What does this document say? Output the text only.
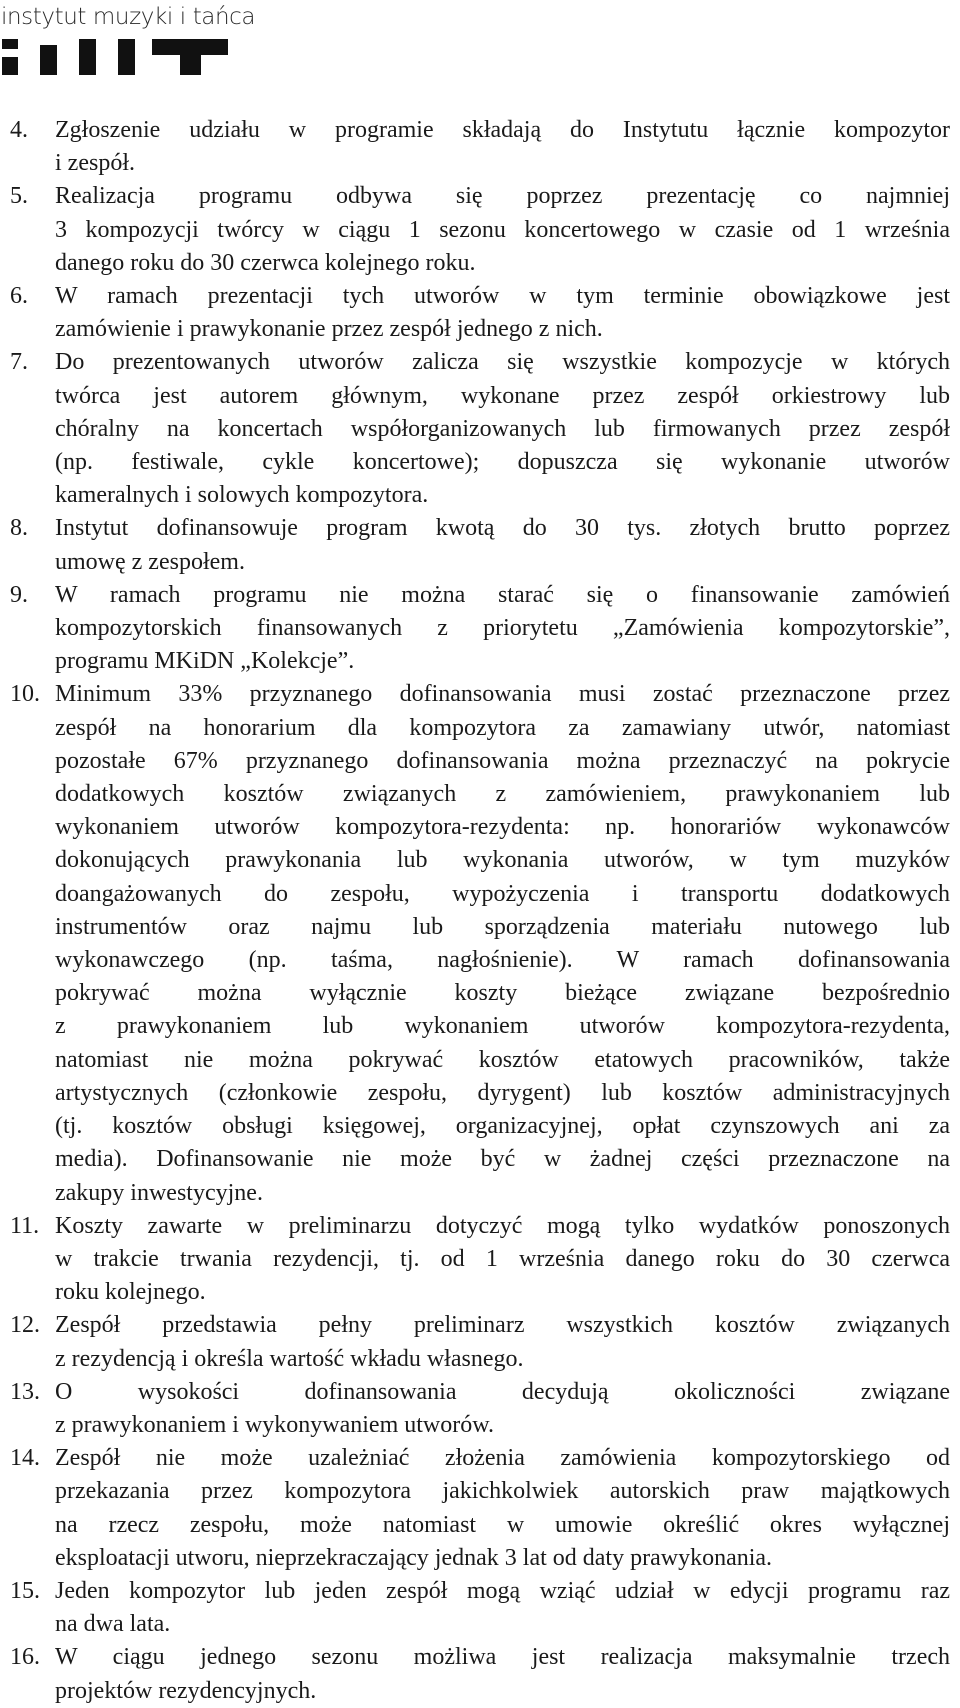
instytut muzyki i tańca
4. Zgłoszenie udziału w programie składają do Instytutu łącznie kompozytor
i zespół.
5. Realizacja programu odbywa się poprzez prezentację co najmniej
3 kompozycji twórcy w ciągu 1 sezonu koncertowego w czasie od 1 września
danego roku do 30 czerwca kolejnego roku.
6. W ramach prezentacji tych utworów w tym terminie obowiązkowe jest
zamówienie i prawykonanie przez zespół jednego z nich.
7. Do prezentowanych utworów zalicza się wszystkie kompozycje w których
twórca jest autorem głównym, wykonane przez zespół orkiestrowy lub
chóralny na koncertach współorganizowanych lub firmowanych przez zespół
(np. festiwale, cykle koncertowe); dopuszcza się wykonanie utworów
kameralnych i solowych kompozytora.
8. Instytut dofinansowuje program kwotą do 30 tys. złotych brutto poprzez
umowę z zespołem.
9. W ramach programu nie można starać się o finansowanie zamówień
kompozytorskich finansowanych z priorytetu „Zamówienia kompozytorskie”,
programu MKiDN „Kolekcje”.
10. Minimum 33% przyznanego dofinansowania musi zostać przeznaczone przez
zespół na honorarium dla kompozytora za zamawiany utwór, natomiast
pozostałe 67% przyznanego dofinansowania można przeznaczyć na pokrycie
dodatkowych kosztów związanych z zamówieniem, prawykonaniem lub
wykonaniem utworów kompozytora-rezydenta: np. honorariów wykonawców
dokonujących prawykonania lub wykonania utworów, w tym muzyków
doangażowanych do zespołu, wypożyczenia i transportu dodatkowych
instrumentów oraz najmu lub sporządzenia materiału nutowego lub
wykonawczego (np. taśma, nagłośnienie). W ramach dofinansowania
pokrywać można wyłącznie koszty bieżące związane bezpośrednio
z prawykonaniem lub wykonaniem utworów kompozytora-rezydenta,
natomiast nie można pokrywać kosztów etatowych pracowników, także
artystycznych (członkowie zespołu, dyrygent) lub kosztów administracyjnych
(tj. kosztów obsługi księgowej, organizacyjnej, opłat czynszowych ani za
media). Dofinansowanie nie może być w żadnej części przeznaczone na
zakupy inwestycyjne.
11. Koszty zawarte w preliminarzu dotyczyć mogą tylko wydatków ponoszonych
w trakcie trwania rezydencji, tj. od 1 września danego roku do 30 czerwca
roku kolejnego.
12. Zespół przedstawia pełny preliminarz wszystkich kosztów związanych
z rezydencją i określa wartość wkładu własnego.
13. O wysokości dofinansowania decydują okoliczności związane
z prawykonaniem i wykonywaniem utworów.
14. Zespół nie może uzależniać złożenia zamówienia kompozytorskiego od
przekazania przez kompozytora jakichkolwiek autorskich praw majątkowych
na rzecz zespołu, może natomiast w umowie określić okres wyłącznej
eksploatacji utworu, nieprzekraczający jednak 3 lat od daty prawykonania.
15. Jeden kompozytor lub jeden zespół mogą wziąć udział w edycji programu raz
na dwa lata.
16. W ciągu jednego sezonu możliwa jest realizacja maksymalnie trzech
projektów rezydencyjnych.
